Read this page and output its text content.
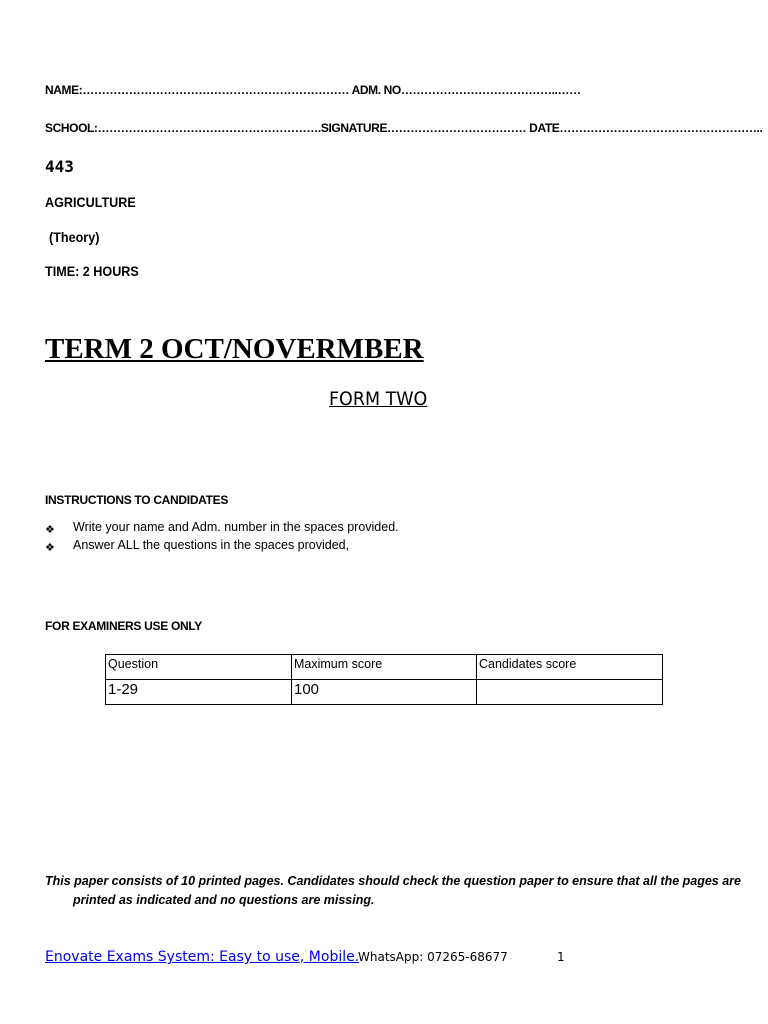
NAME:…………………………………………………………… ADM. NO…………………………………..……
SCHOOL:………………………………………………….SIGNATURE……………………………… DATE……………………………………………..
443
AGRICULTURE
(Theory)
TIME: 2 HOURS
TERM 2 OCT/NOVERMBER
FORM TWO
INSTRUCTIONS TO CANDIDATES
❖ Write your name and Adm. number in the spaces provided.
❖ Answer ALL the questions in the spaces provided,
FOR EXAMINERS USE ONLY
Question	Maximum score	Candidates score
1-29	100	
This paper consists of 10 printed pages. Candidates should check the question paper to ensure that all the pages are
printed as indicated and no questions are missing.
Enovate Exams System: Easy to use, Mobile.
WhatsApp: 07265-68677	1
